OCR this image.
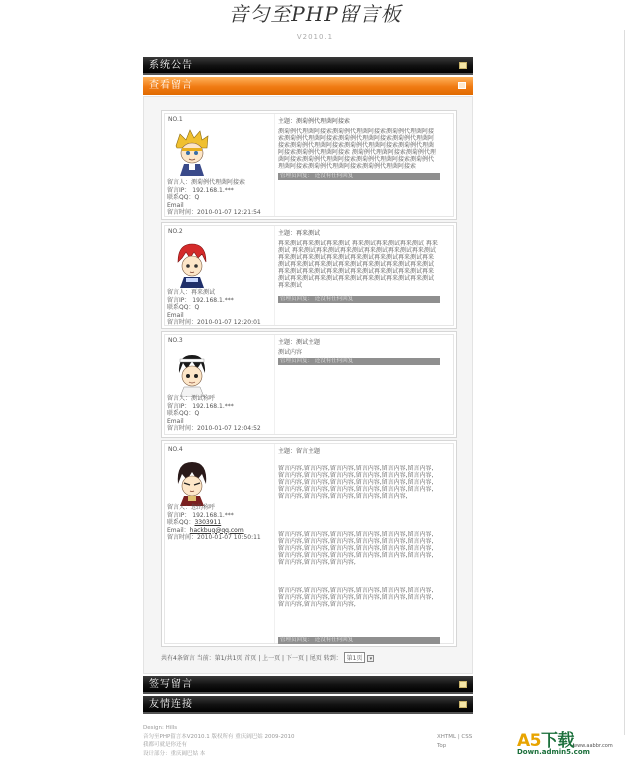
音匀至PHP留言板
V2010.1
系统公告
查看留言
NO.1
留言人：测菊例代理菌阿接索
留言IP： 192.168.1.***
联系QQ：Q
Email
留言时间：2010-01-07 12:21:54
主题：测菊例代理菌阿接索
测菊例代理菌阿接索测菊例代理菌阿接索测菊例代理菌阿接索测菊例代理菌阿接索测菊例代理菌阿接索测菊例代理菌阿接索测菊例代理菌阿接索测菊例代理菌阿接索测菊例代理菌阿接索测菊例代理菌阿接索 测菊例代理菌阿接索测菊例代理菌阿接索测菊例代理菌阿接索测菊例代理菌阿接索测菊例代理菌阿接索测菊例代理菌阿接索测菊例代理菌阿接索
管理员回复： 还没有任何回复
NO.2
留言人：再来测试
留言IP： 192.168.1.***
联系QQ：Q
Email
留言时间：2010-01-07 12:20:01
主题：再来测试
再来测试再来测试再来测试 再来测试再来测试再来测试 再来测试 再来测试再来测试再来测试再来测试再来测试再来测试再来测试再来测试再来测试再来测试再来测试再来测试再来测试再来测试再来测试再来测试再来测试再来测试再来测试再来测试再来测试再来测试再来测试再来测试再来测试再来测试再来测试再来测试再来测试再来测试再来测试再来测试再来测试
管理员回复： 还没有任何回复
NO.3
留言人：测试称呼
留言IP： 192.168.1.***
联系QQ：Q
Email
留言时间：2010-01-07 12:04:52
主题：测试主题
测试内容
管理员回复： 还没有任何回复
NO.4
留言人：您的称呼
留言IP： 192.168.1.***
联系QQ：3303911
Email：hackbug@qq.com
留言时间：2010-01-07 10:50:11
主题：留言主题
留言内容,留言内容,留言内容,留言内容,留言内容,留言内容,留言内容,留言内容,留言内容,留言内容,留言内容,留言内容,留言内容,留言内容,留言内容,留言内容,留言内容,留言内容,留言内容,留言内容,留言内容,留言内容,留言内容,留言内容,留言内容,留言内容,留言内容,留言内容,留言内容,
留言内容,留言内容,留言内容,留言内容,留言内容,留言内容,留言内容,留言内容,留言内容,留言内容,留言内容,留言内容,留言内容,留言内容,留言内容,留言内容,留言内容,留言内容,留言内容,留言内容,留言内容,留言内容,留言内容,留言内容,留言内容,留言内容,留言内容,
留言内容,留言内容,留言内容,留言内容,留言内容,留言内容,留言内容,留言内容,留言内容,留言内容,留言内容,留言内容,留言内容,留言内容,留言内容,
管理员回复： 还没有任何回复
共有4条留言 当前：第1/共1页 首页 | 上一页 | 下一页 | 尾页 转到： 第1页 ▾
签写留言
友情连接
Design: Hills
音匀至PHP留言本V2010.1 版权所有 重庆阔巴姑 2009-2010
我都可就是你还有
设计部分：重庆阔巴姑 本
XHTML | CSS
Top	A5下载
Down.admin5.com
www.aabbr.com
